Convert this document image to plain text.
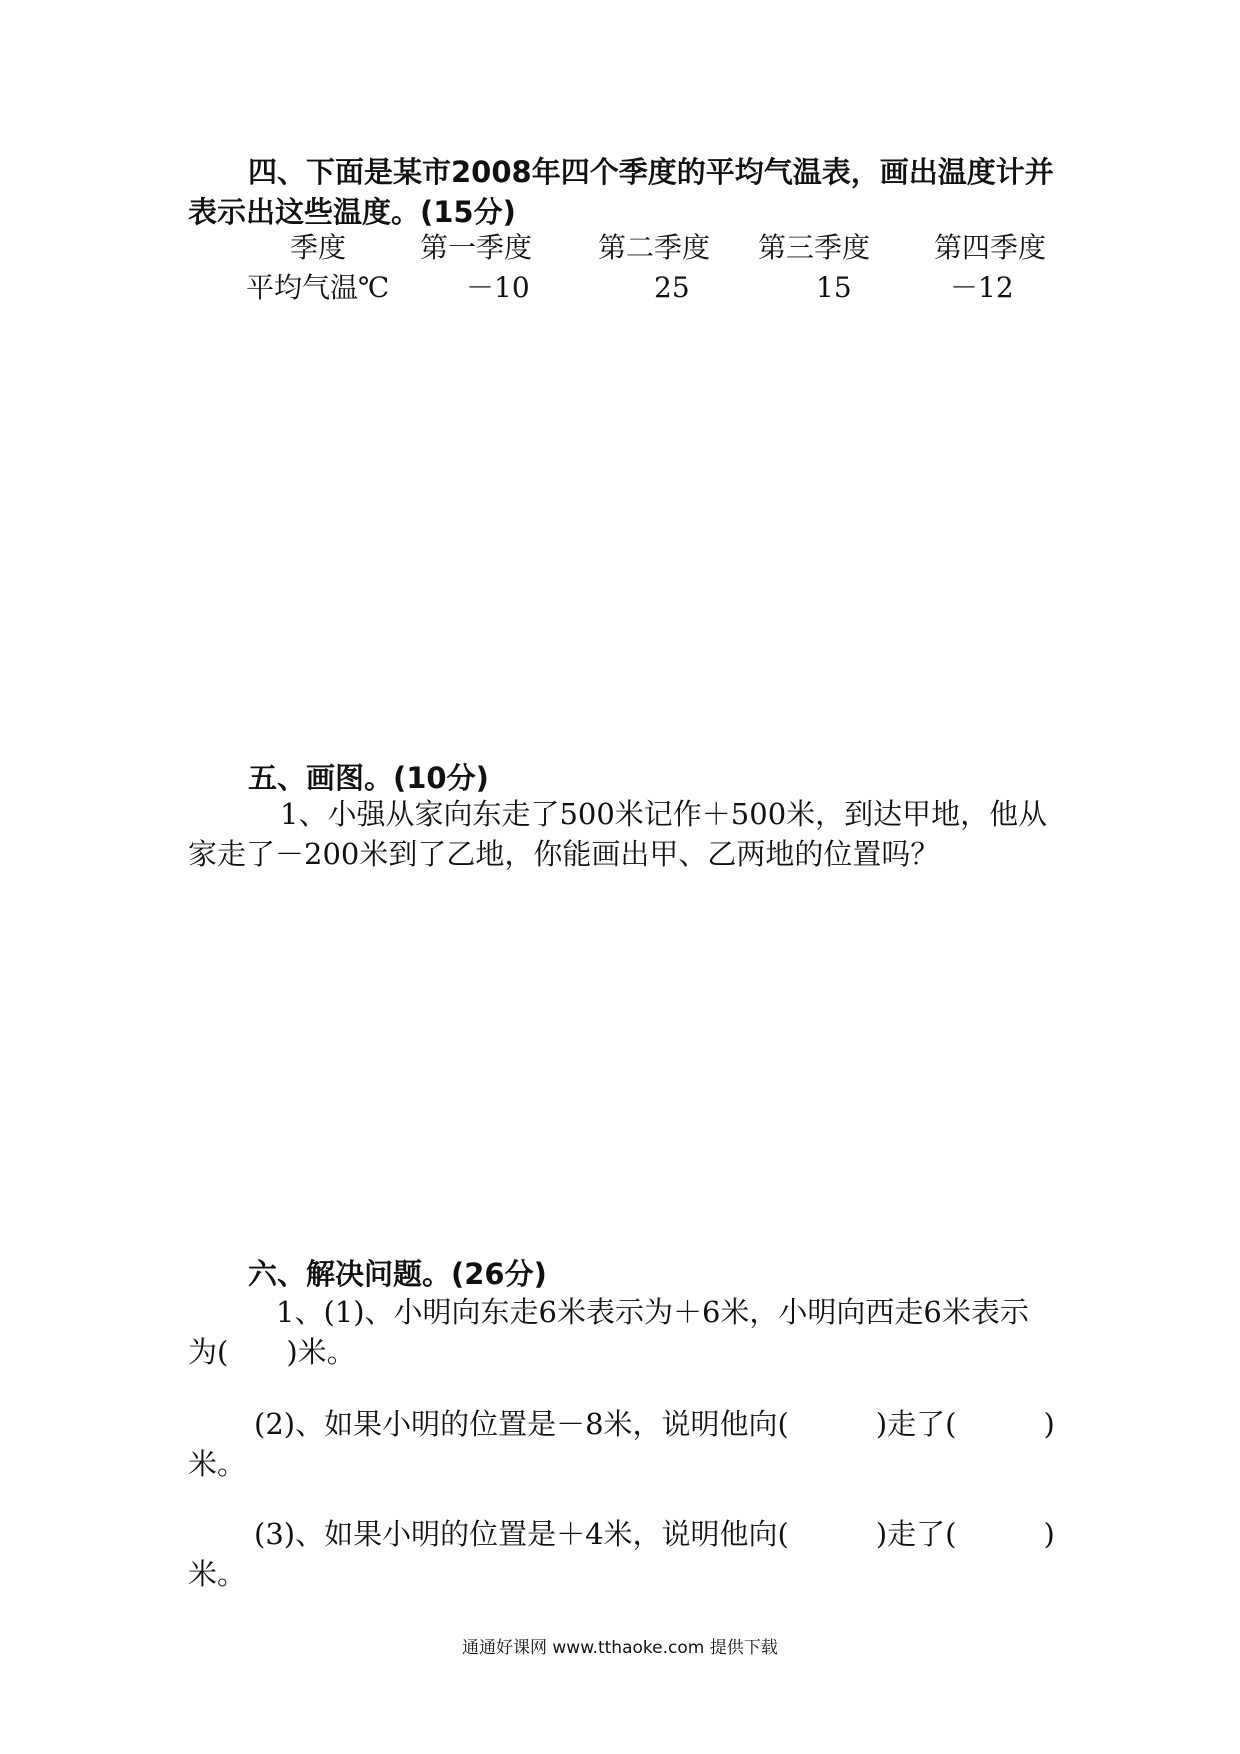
四、下面是某市2008年四个季度的平均气温表，画出温度计并
表示出这些温度。(15分)
季度	第一季度 第二季度 第三季度 第四季度
平均气温℃	－10	25	15	－12
五、画图。(10分)
1、小强从家向东走了500米记作＋500米，到达甲地，他从
家走了－200米到了乙地，你能画出甲、乙两地的位置吗？
六、解决问题。(26分)
1、(1)、小明向东走6米表示为＋6米，小明向西走6米表示
为(　　)米。
(2)、如果小明的位置是－8米，说明他向(　　　)走了(　　　)
米。
(3)、如果小明的位置是＋4米，说明他向(　　　)走了(　　　)
米。
通通好课网 www.tthaoke.com 提供下载
